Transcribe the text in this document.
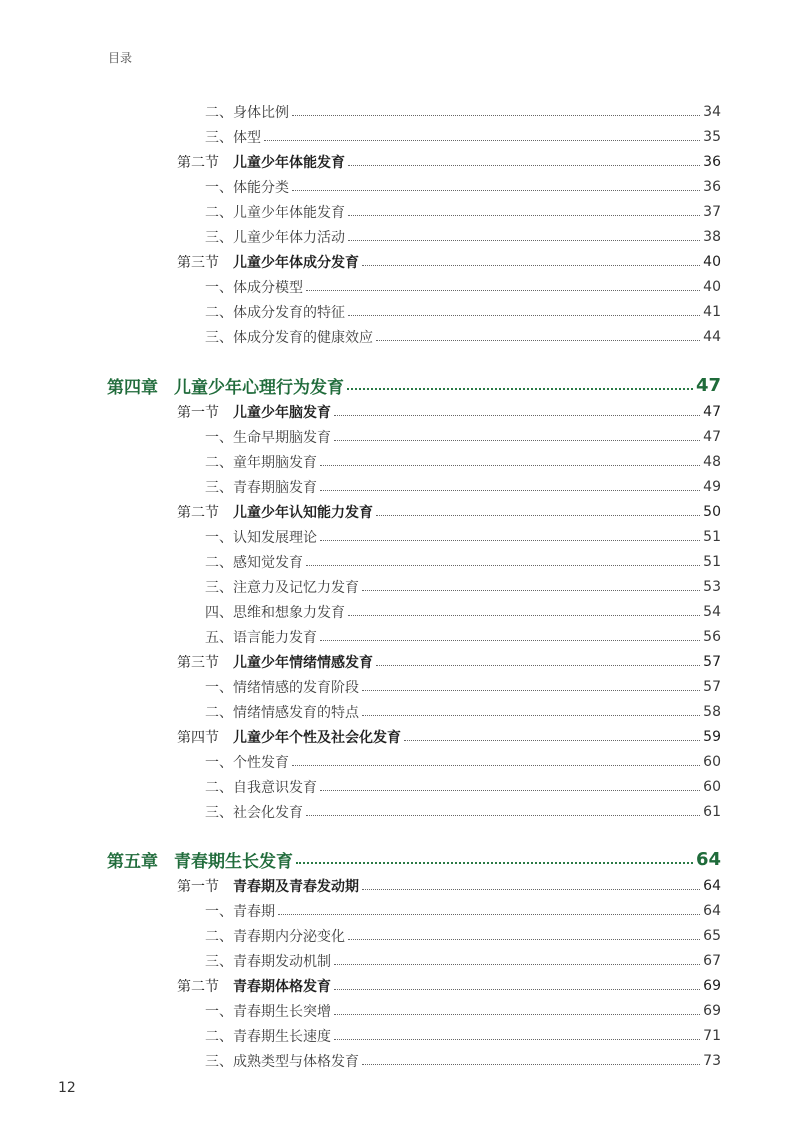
目录
二、身体比例	34
三、体型	35
第二节 儿童少年体能发育	36
一、体能分类	36
二、儿童少年体能发育	37
三、儿童少年体力活动	38
第三节 儿童少年体成分发育	40
一、体成分模型	40
二、体成分发育的特征	41
三、体成分发育的健康效应	44
第四章 儿童少年心理行为发育	47
第一节 儿童少年脑发育	47
一、生命早期脑发育	47
二、童年期脑发育	48
三、青春期脑发育	49
第二节 儿童少年认知能力发育	50
一、认知发展理论	51
二、感知觉发育	51
三、注意力及记忆力发育	53
四、思维和想象力发育	54
五、语言能力发育	56
第三节 儿童少年情绪情感发育	57
一、情绪情感的发育阶段	57
二、情绪情感发育的特点	58
第四节 儿童少年个性及社会化发育	59
一、个性发育	60
二、自我意识发育	60
三、社会化发育	61
第五章 青春期生长发育	64
第一节 青春期及青春发动期	64
一、青春期	64
二、青春期内分泌变化	65
三、青春期发动机制	67
第二节 青春期体格发育	69
一、青春期生长突增	69
二、青春期生长速度	71
三、成熟类型与体格发育	73
12
